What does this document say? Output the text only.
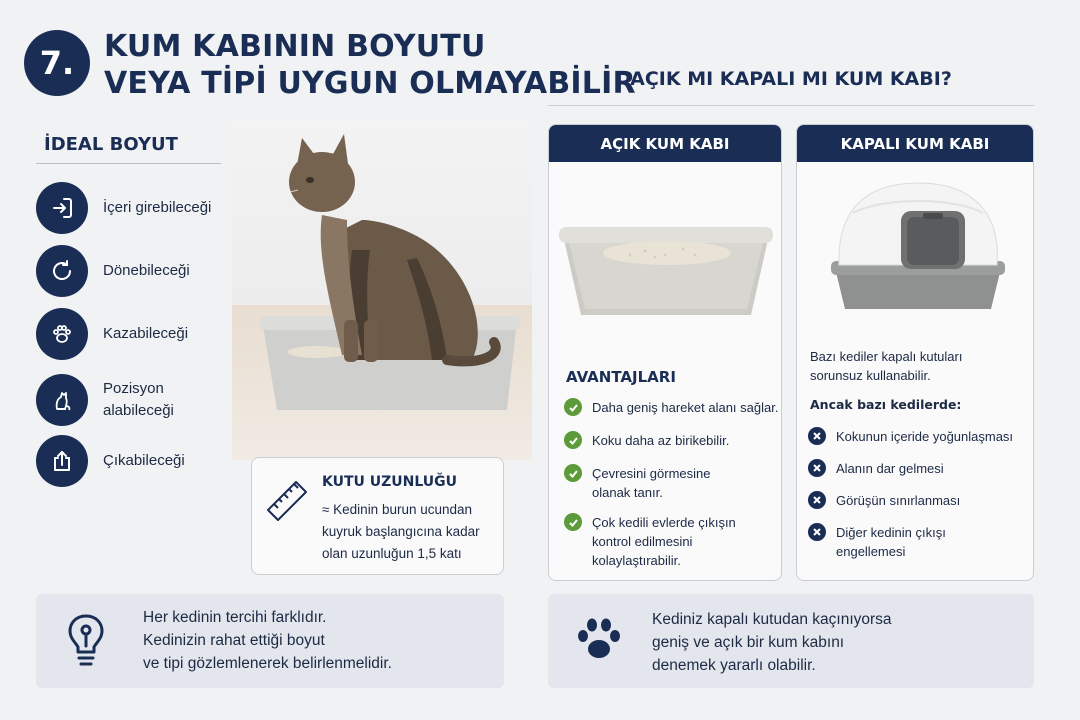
7. KUM KABININ BOYUTU
VEYA TİPİ UYGUN OLMAYABİLİR
AÇIK MI KAPALI MI KUM KABI?
İDEAL BOYUT
İçeri girebileceği
Dönebileceği
Kazabileceği
Pozisyon
alabileceği
Çıkabileceği
KUTU UZUNLUĞU
≈ Kedinin burun ucundan
kuyruk başlangıcına kadar
olan uzunluğun 1,5 katı
AÇIK KUM KABI
AVANTAJLARI
Daha geniş hareket alanı sağlar.
Koku daha az birikebilir.
Çevresini görmesine
olanak tanır.
Çok kedili evlerde çıkışın
kontrol edilmesini
kolaylaştırabilir.
KAPALI KUM KABI
Bazı kediler kapalı kutuları
sorunsuz kullanabilir.
Ancak bazı kedilerde:
Kokunun içeride yoğunlaşması
Alanın dar gelmesi
Görüşün sınırlanması
Diğer kedinin çıkışı
engellemesi
Her kedinin tercihi farklıdır.
Kedinizin rahat ettiği boyut
ve tipi gözlemlenerek belirlenmelidir.
Kediniz kapalı kutudan kaçınıyorsa
geniş ve açık bir kum kabını
denemek yararlı olabilir.
